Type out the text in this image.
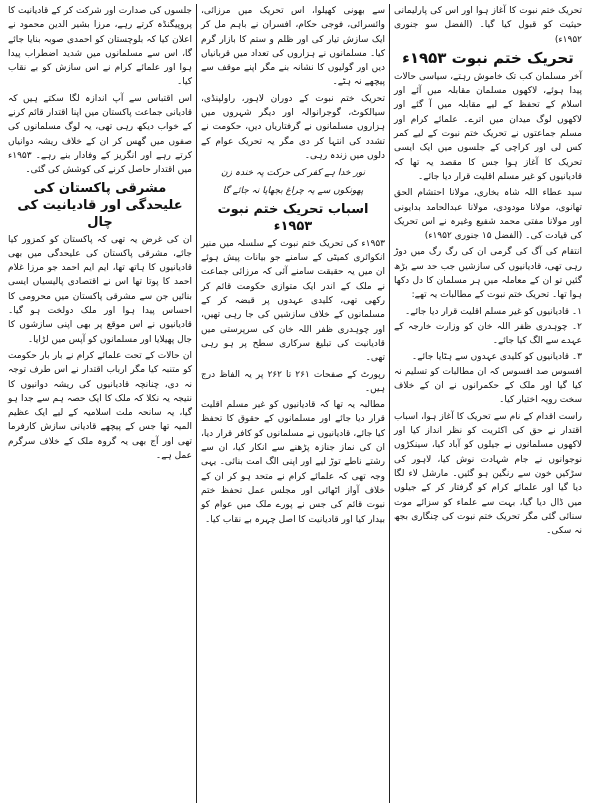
تحریک ختم نبوت کا آغاز ہوا اور اس کی پارلیمانی حیثیت کو قبول کیا گیا۔ (الفضل سو جنوری ۱۹۵۲ء)

تحریک ختم نبوت ۱۹۵۳ء

آخر مسلمان کب تک خاموش رہتے، سیاسی حالات پیدا ہوئے، لاکھوں مسلمان مقابلہ میں آئے اور اسلام کے تحفظ کے لیے مقابلہ میں آ گئے اور لاکھوں لوگ میدان میں اترے۔ علمائے کرام اور مسلم جماعتوں نے تحریک ختم نبوت کے لیے کمر کس لی اور کراچی کے جلسوں میں ایک ایسی تحریک کا آغاز ہوا جس کا مقصد یہ تھا کہ قادیانیوں کو غیر مسلم اقلیت قرار دیا جائے۔

سید عطاء اللہ شاہ بخاری، مولانا احتشام الحق تھانوی، مولانا مودودی، مولانا عبدالحامد بدایونی اور مولانا مفتی محمد شفیع وغیرہ نے اس تحریک کی قیادت کی۔ (الفضل ۱۵ جنوری ۱۹۵۲ء)

انتقام کی آگ کی گرمی ان کی رگ رگ میں دوڑ رہی تھی، قادیانیوں کی سازشیں جب حد سے بڑھ گئیں تو ان کے معاملہ میں ہر مسلمان کا دل دکھا ہوا تھا۔ تحریک ختم نبوت کے مطالبات یہ تھے:

۱۔ قادیانیوں کو غیر مسلم اقلیت قرار دیا جائے۔

۲۔ چوہدری ظفر اللہ خان کو وزارت خارجہ کے عہدے سے الگ کیا جائے۔

۳۔ قادیانیوں کو کلیدی عہدوں سے ہٹایا جائے۔

افسوس صد افسوس کہ ان مطالبات کو تسلیم نہ کیا گیا اور ملک کے حکمرانوں نے ان کے خلاف سخت رویہ اختیار کیا۔

راست اقدام کے نام سے تحریک کا آغاز ہوا، اسباب اقتدار نے حق کی اکثریت کو نظر انداز کیا اور لاکھوں مسلمانوں نے جیلوں کو آباد کیا، سینکڑوں نوجوانوں نے جام شہادت نوش کیا، لاہور کی سڑکیں خون سے رنگین ہو گئیں۔ مارشل لاء لگا دیا گیا اور علمائے کرام کو گرفتار کر کے جیلوں میں ڈال دیا گیا، بہت سے علماء کو سزائے موت سنائی گئی مگر تحریک ختم نبوت کی چنگاری بجھ نہ سکی۔

سے بھونی کھیلوا، اس تحریک میں مرزائی، وائسرائی، فوجی حکام، افسران نے باہم مل کر ایک سازش تیار کی اور ظلم و ستم کا بازار گرم کیا۔ مسلمانوں نے ہزاروں کی تعداد میں قربانیاں دیں اور گولیوں کا نشانہ بنے مگر اپنے موقف سے پیچھے نہ ہٹے۔

تحریک ختم نبوت کے دوران لاہور، راولپنڈی، سیالکوٹ، گوجرانوالہ اور دیگر شہروں میں ہزاروں مسلمانوں نے گرفتاریاں دیں، حکومت نے تشدد کی انتہا کر دی مگر یہ تحریک عوام کے دلوں میں زندہ رہی۔

نور خدا ہے کفر کی حرکت پہ خندہ زن

پھونکوں سے یہ چراغ بجھایا نہ جائے گا

اسباب تحریک ختم نبوت ۱۹۵۳ء

۱۹۵۳ء کی تحریک ختم نبوت کے سلسلہ میں منیر انکوائری کمیٹی کے سامنے جو بیانات پیش ہوئے ان میں یہ حقیقت سامنے آئی کہ مرزائی جماعت نے ملک کے اندر ایک متوازی حکومت قائم کر رکھی تھی، کلیدی عہدوں پر قبضہ کر کے مسلمانوں کے خلاف سازشیں کی جا رہی تھیں، اور چوہدری ظفر اللہ خان کی سرپرستی میں قادیانیت کی تبلیغ سرکاری سطح پر ہو رہی تھی۔

رپورٹ کے صفحات ۲۶۱ تا ۲۶۲ پر یہ الفاظ درج ہیں۔

مطالبہ یہ تھا کہ قادیانیوں کو غیر مسلم اقلیت قرار دیا جائے اور مسلمانوں کے حقوق کا تحفظ کیا جائے، قادیانیوں نے مسلمانوں کو کافر قرار دیا، ان کی نماز جنازہ پڑھنے سے انکار کیا، ان سے رشتے ناطے توڑ لیے اور اپنی الگ امت بنائی۔ یہی وجہ تھی کہ علمائے کرام نے متحد ہو کر ان کے خلاف آواز اٹھائی اور مجلس عمل تحفظ ختم نبوت قائم کی جس نے پورے ملک میں عوام کو بیدار کیا اور قادیانیت کا اصل چہرہ بے نقاب کیا۔

جلسوں کی صدارت اور شرکت کر کے قادیانیت کا پروپیگنڈہ کرتے رہے، مرزا بشیر الدین محمود نے اعلان کیا کہ بلوچستان کو احمدی صوبہ بنایا جائے گا، اس سے مسلمانوں میں شدید اضطراب پیدا ہوا اور علمائے کرام نے اس سازش کو بے نقاب کیا۔

اس اقتباس سے آپ اندازہ لگا سکتے ہیں کہ قادیانی جماعت پاکستان میں اپنا اقتدار قائم کرنے کے خواب دیکھ رہی تھی، یہ لوگ مسلمانوں کی صفوں میں گھس کر ان کے خلاف ریشہ دوانیاں کرتے رہے اور انگریز کے وفادار بنے رہے۔ ۱۹۵۳ء میں اقتدار حاصل کرنے کی کوشش کی گئی۔

مشرقی پاکستان کی علیحدگی اور قادیانیت کی چال

ان کی غرض یہ تھی کہ پاکستان کو کمزور کیا جائے، مشرقی پاکستان کی علیحدگی میں بھی قادیانیوں کا ہاتھ تھا، ایم ایم احمد جو مرزا غلام احمد کا پوتا تھا اس نے اقتصادی پالیسیاں ایسی بنائیں جن سے مشرقی پاکستان میں محرومی کا احساس پیدا ہوا اور ملک دولخت ہو گیا۔ قادیانیوں نے اس موقع پر بھی اپنی سازشوں کا جال پھیلایا اور مسلمانوں کو آپس میں لڑایا۔

ان حالات کے تحت علمائے کرام نے بار بار حکومت کو متنبہ کیا مگر ارباب اقتدار نے اس طرف توجہ نہ دی، چنانچہ قادیانیوں کی ریشہ دوانیوں کا نتیجہ یہ نکلا کہ ملک کا ایک حصہ ہم سے جدا ہو گیا، یہ سانحہ ملت اسلامیہ کے لیے ایک عظیم المیہ تھا جس کے پیچھے قادیانی سازش کارفرما تھی اور آج بھی یہ گروہ ملک کے خلاف سرگرم عمل ہے۔
